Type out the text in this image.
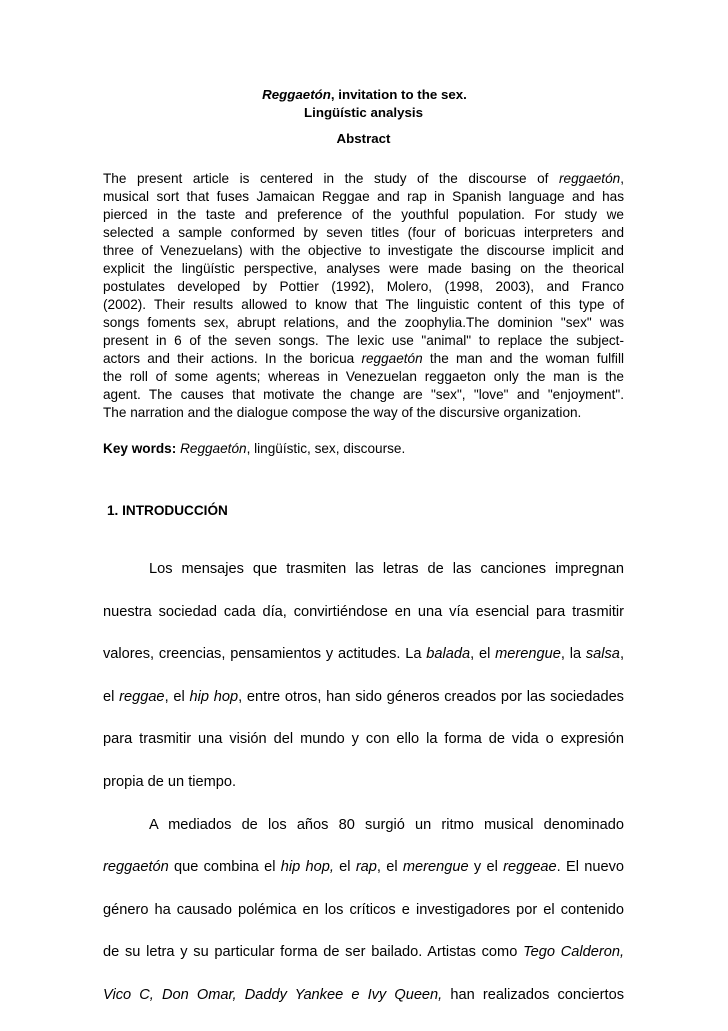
Reggaetón, invitation to the sex.
Lingüístic analysis
Abstract
The present article is centered in the study of the discourse of reggaetón,
musical sort that fuses Jamaican Reggae and rap in Spanish language and has
pierced in the taste and preference of the youthful population. For study we
selected a sample conformed by seven titles (four of boricuas interpreters and
three of Venezuelans) with the objective to investigate the discourse implicit and
explicit the lingüístic perspective, analyses were made basing on the theorical
postulates developed by Pottier (1992), Molero, (1998, 2003), and Franco
(2002). Their results allowed to know that The linguistic content of this type of
songs foments sex, abrupt relations, and the zoophylia.The dominion "sex" was
present in 6 of the seven songs. The lexic use "animal" to replace the subject-
actors and their actions. In the boricua reggaetón the man and the woman fulfill
the roll of some agents; whereas in Venezuelan reggaeton only the man is the
agent. The causes that motivate the change are "sex", "love" and "enjoyment".
The narration and the dialogue compose the way of the discursive organization.
Key words: Reggaetón, lingüístic, sex, discourse.
1. INTRODUCCIÓN
Los mensajes que trasmiten las letras de las canciones impregnan
nuestra sociedad cada día, convirtiéndose en una vía esencial para trasmitir
valores, creencias, pensamientos y actitudes. La balada, el merengue, la salsa,
el reggae, el hip hop, entre otros, han sido géneros creados por las sociedades
para trasmitir una visión del mundo y con ello la forma de vida o expresión
propia de un tiempo.
A mediados de los años 80 surgió un ritmo musical denominado
reggaetón que combina el hip hop, el rap, el merengue y el reggeae. El nuevo
género ha causado polémica en los críticos e investigadores por el contenido
de su letra y su particular forma de ser bailado. Artistas como Tego Calderon,
Vico C, Don Omar, Daddy Yankee e Ivy Queen, han realizados conciertos
